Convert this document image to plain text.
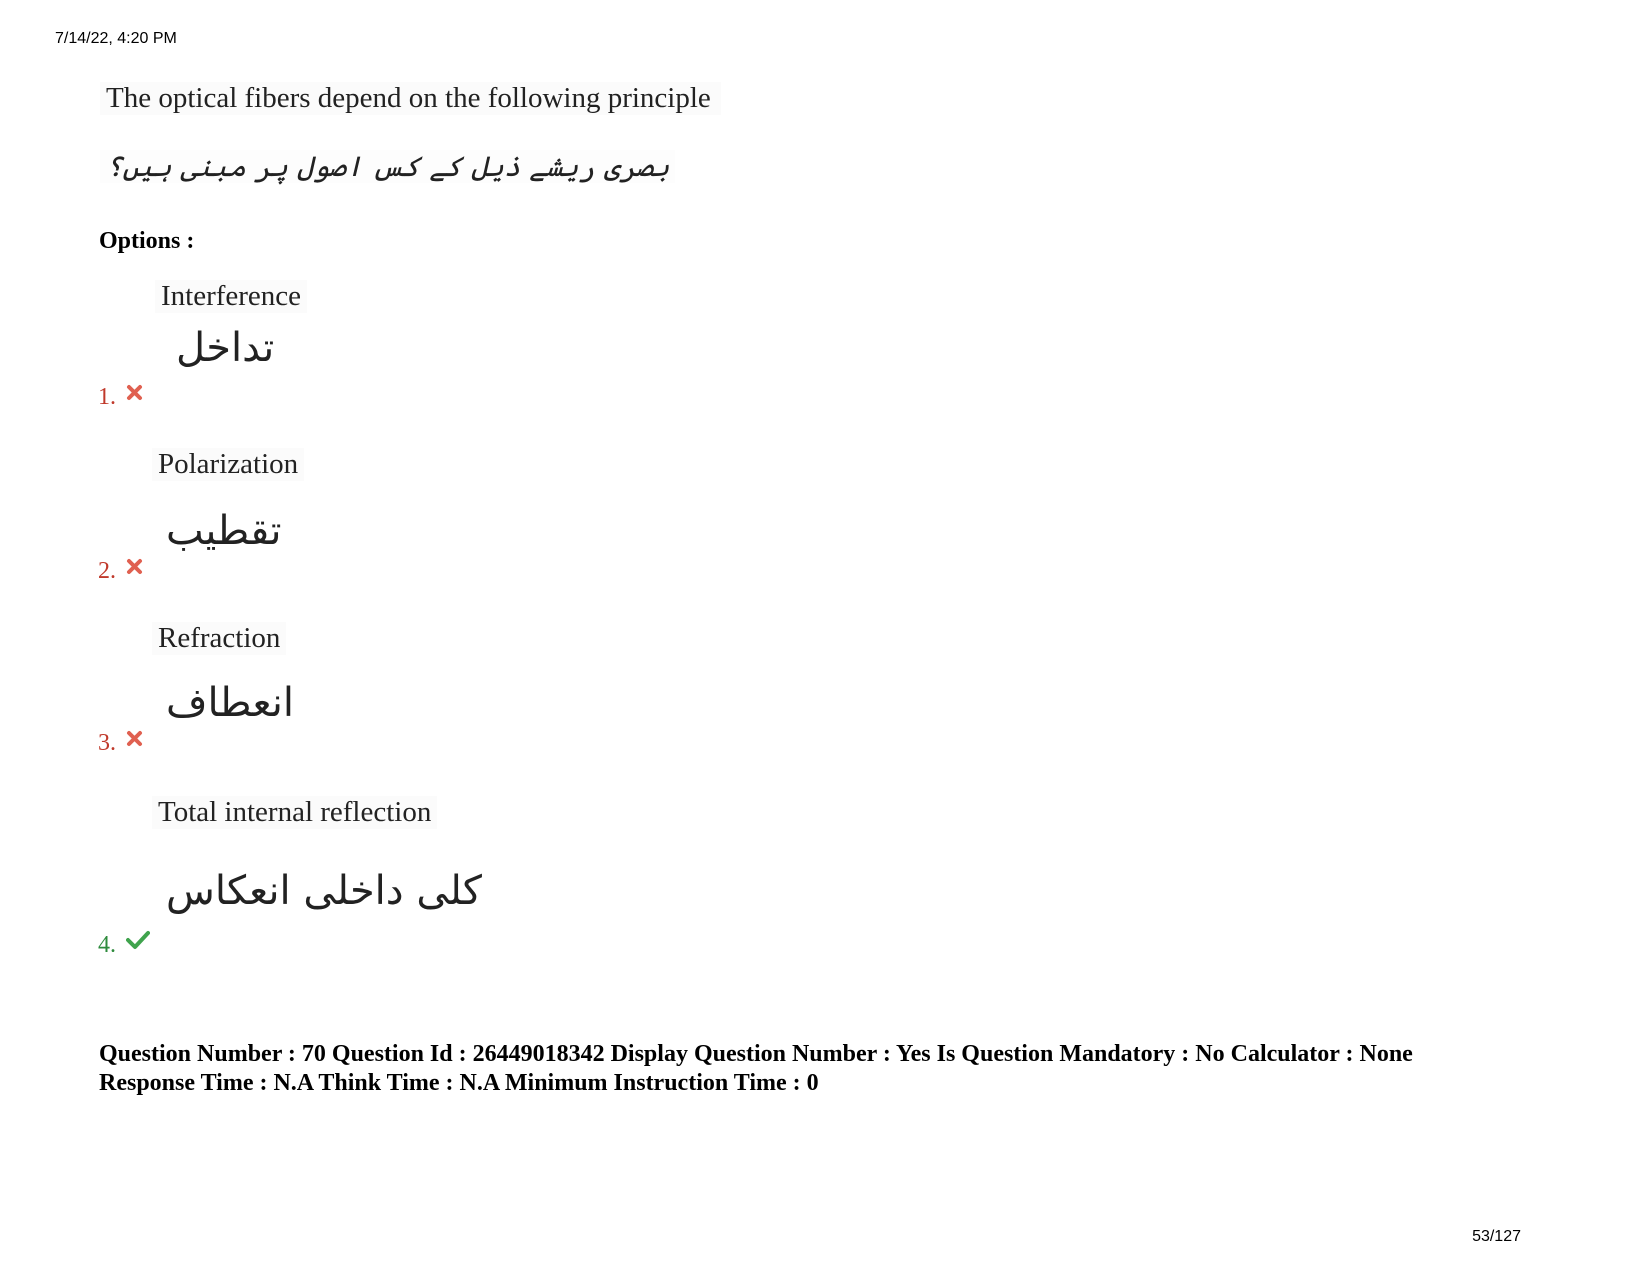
7/14/22, 4:20 PM
The optical fibers depend on the following principle
بصری ریشے ذیل کے کس اصول پر مبنی ہیں؟
Options :
Interference
تداخل
1.
Polarization
تقطیب
2.
Refraction
انعطاف
3.
Total internal reflection
کلی داخلی انعکاس
4.
Question Number : 70 Question Id : 26449018342 Display Question Number : Yes Is Question Mandatory : No Calculator : None
Response Time : N.A Think Time : N.A Minimum Instruction Time : 0
53/127
